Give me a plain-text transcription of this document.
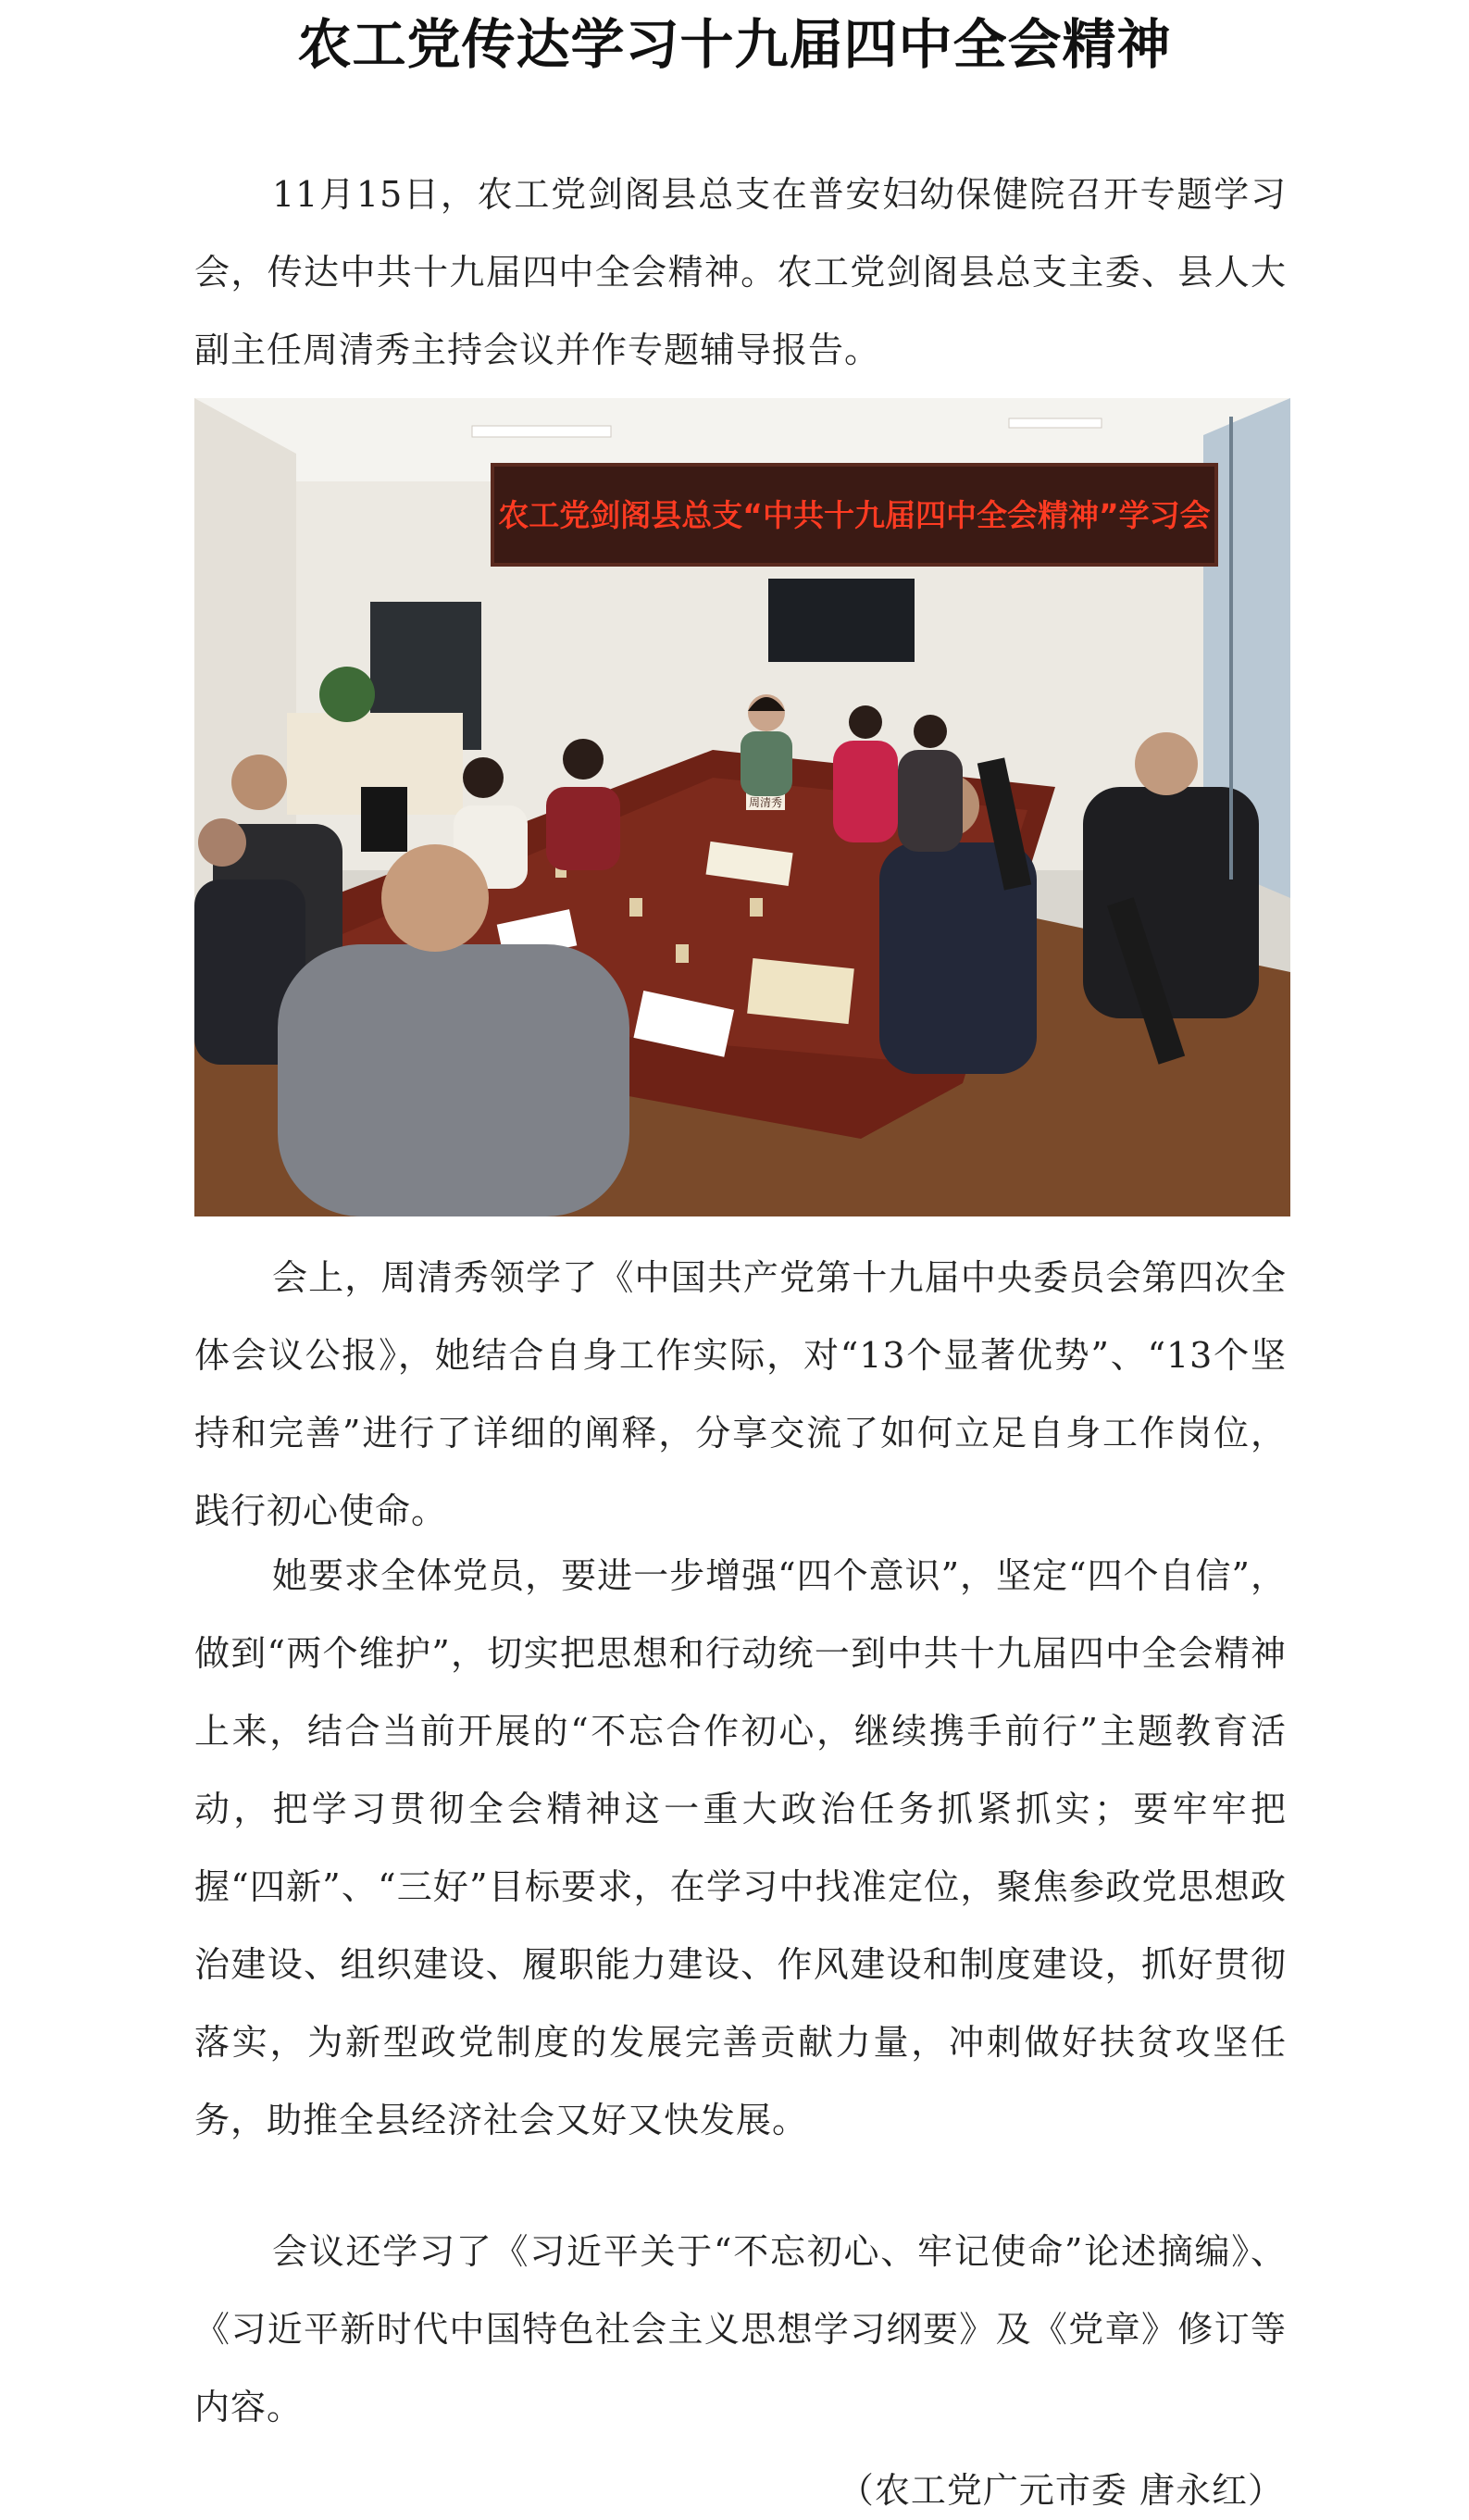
农工党传达学习十九届四中全会精神

11月15日，农工党剑阁县总支在普安妇幼保健院召开专题学习会，传达中共十九届四中全会精神。农工党剑阁县总支主委、县人大副主任周清秀主持会议并作专题辅导报告。

农工党剑阁县总支“中共十九届四中全会精神”学习会
周清秀

会上，周清秀领学了《中国共产党第十九届中央委员会第四次全体会议公报》，她结合自身工作实际，对“13个显著优势”、“13个坚持和完善”进行了详细的阐释，分享交流了如何立足自身工作岗位，践行初心使命。

她要求全体党员，要进一步增强“四个意识”，坚定“四个自信”，做到“两个维护”，切实把思想和行动统一到中共十九届四中全会精神上来，结合当前开展的“不忘合作初心，继续携手前行”主题教育活动，把学习贯彻全会精神这一重大政治任务抓紧抓实；要牢牢把握“四新”、“三好”目标要求，在学习中找准定位，聚焦参政党思想政治建设、组织建设、履职能力建设、作风建设和制度建设，抓好贯彻落实，为新型政党制度的发展完善贡献力量，冲刺做好扶贫攻坚任务，助推全县经济社会又好又快发展。

会议还学习了《习近平关于“不忘初心、牢记使命”论述摘编》、《习近平新时代中国特色社会主义思想学习纲要》及《党章》修订等内容。

（农工党广元市委 唐永红）
